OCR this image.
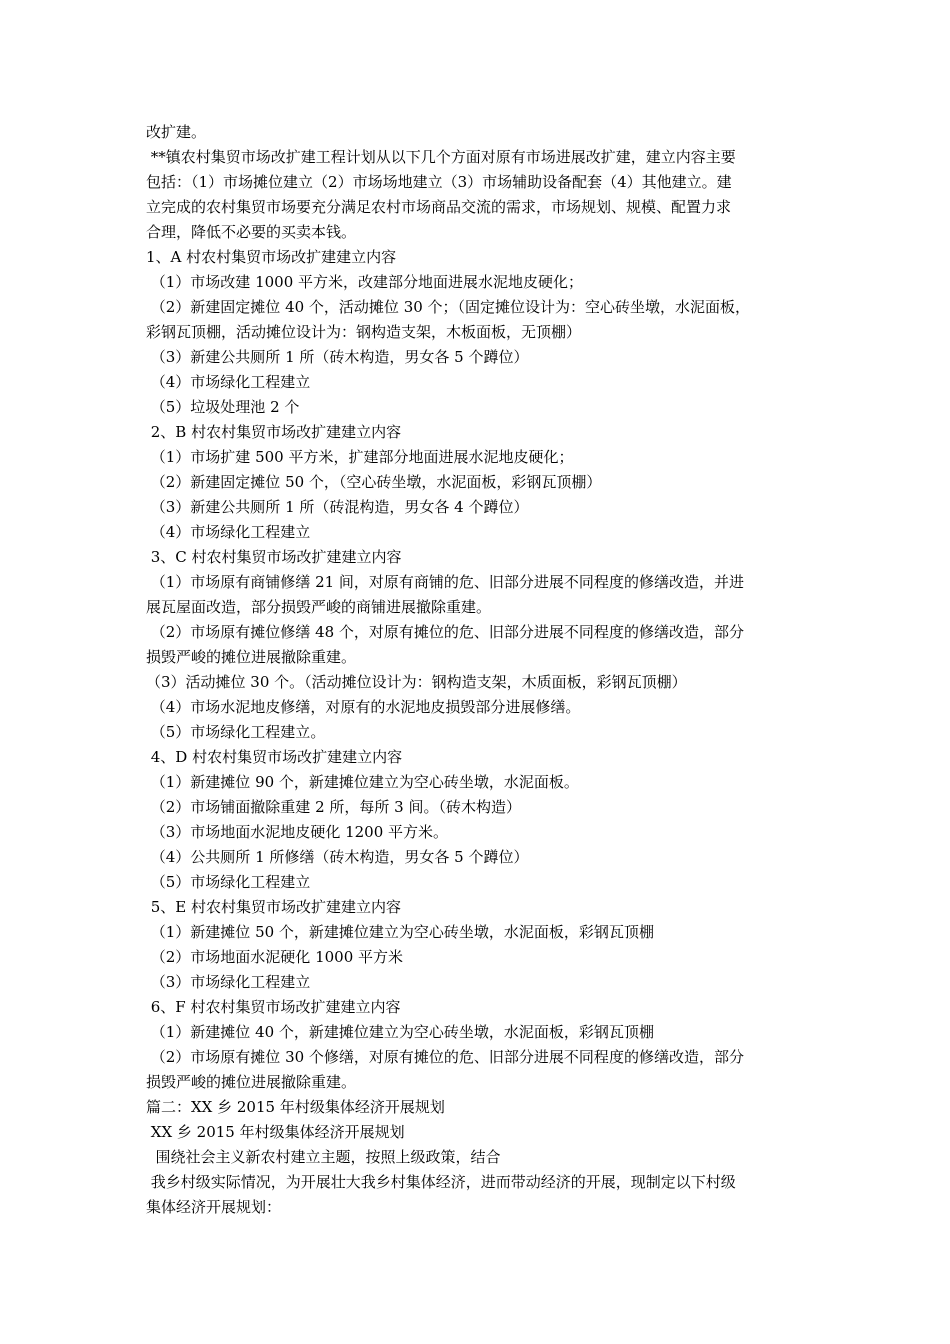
改扩建。
**镇农村集贸市场改扩建工程计划从以下几个方面对原有市场进展改扩建，建立内容主要
包括：（1）市场摊位建立（2）市场场地建立（3）市场辅助设备配套（4）其他建立。建
立完成的农村集贸市场要充分满足农村市场商品交流的需求，市场规划、规模、配置力求
合理，降低不必要的买卖本钱。
1、A 村农村集贸市场改扩建建立内容
（1）市场改建 1000 平方米，改建部分地面进展水泥地皮硬化；
（2）新建固定摊位 40 个，活动摊位 30 个；（固定摊位设计为：空心砖坐墩，水泥面板，
彩钢瓦顶棚，活动摊位设计为：钢构造支架，木板面板，无顶棚）
（3）新建公共厕所 1 所（砖木构造，男女各 5 个蹲位）
（4）市场绿化工程建立
（5）垃圾处理池 2 个
2、B 村农村集贸市场改扩建建立内容
（1）市场扩建 500 平方米，扩建部分地面进展水泥地皮硬化；
（2）新建固定摊位 50 个，（空心砖坐墩，水泥面板，彩钢瓦顶棚）
（3）新建公共厕所 1 所（砖混构造，男女各 4 个蹲位）
（4）市场绿化工程建立
3、C 村农村集贸市场改扩建建立内容
（1）市场原有商铺修缮 21 间，对原有商铺的危、旧部分进展不同程度的修缮改造，并进
展瓦屋面改造，部分损毁严峻的商铺进展撤除重建。
（2）市场原有摊位修缮 48 个，对原有摊位的危、旧部分进展不同程度的修缮改造，部分
损毁严峻的摊位进展撤除重建。
（3）活动摊位 30 个。（活动摊位设计为：钢构造支架，木质面板，彩钢瓦顶棚）
（4）市场水泥地皮修缮，对原有的水泥地皮损毁部分进展修缮。
（5）市场绿化工程建立。
4、D 村农村集贸市场改扩建建立内容
（1）新建摊位 90 个，新建摊位建立为空心砖坐墩，水泥面板。
（2）市场铺面撤除重建 2 所，每所 3 间。（砖木构造）
（3）市场地面水泥地皮硬化 1200 平方米。
（4）公共厕所 1 所修缮（砖木构造，男女各 5 个蹲位）
（5）市场绿化工程建立
5、E 村农村集贸市场改扩建建立内容
（1）新建摊位 50 个，新建摊位建立为空心砖坐墩，水泥面板，彩钢瓦顶棚
（2）市场地面水泥硬化 1000 平方米
（3）市场绿化工程建立
6、F 村农村集贸市场改扩建建立内容
（1）新建摊位 40 个，新建摊位建立为空心砖坐墩，水泥面板，彩钢瓦顶棚
（2）市场原有摊位 30 个修缮，对原有摊位的危、旧部分进展不同程度的修缮改造，部分
损毁严峻的摊位进展撤除重建。
篇二：XX 乡 2015 年村级集体经济开展规划
XX 乡 2015 年村级集体经济开展规划
围绕社会主义新农村建立主题，按照上级政策，结合
我乡村级实际情况，为开展壮大我乡村集体经济，进而带动经济的开展，现制定以下村级
集体经济开展规划：
